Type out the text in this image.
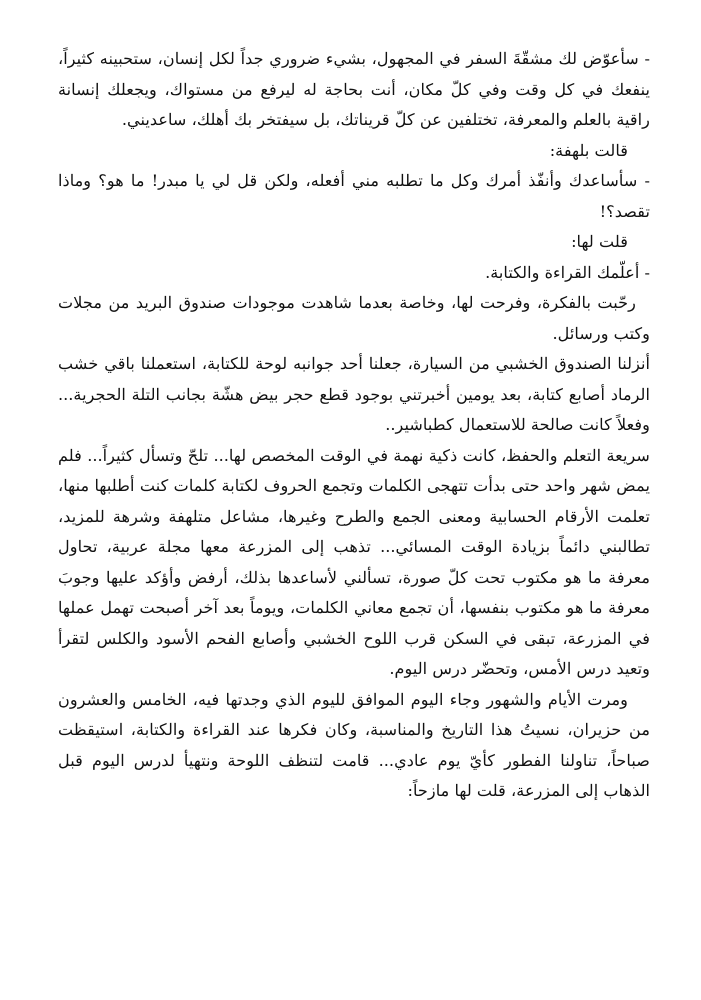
- سأعوّض لك مشقّةَ السفر في المجهول، بشيء ضروري جداً لكل إنسان، ستحبينه كثيراً، ينفعك في كل وقت وفي كلّ مكان، أنت بحاجة له ليرفع من مستواك، ويجعلك إنسانة راقية بالعلم والمعرفة، تختلفين عن كلّ قريناتك، بل سيفتخر بك أهلك، ساعديني.

قالت بلهفة:

- سأساعدك وأنفّذ أمرك وكل ما تطلبه مني أفعله، ولكن قل لي يا مبدر! ما هو؟ وماذا تقصد؟!

قلت لها:

- أعلّمك القراءة والكتابة.

رحّبت بالفكرة، وفرحت لها، وخاصة بعدما شاهدت موجودات صندوق البريد من مجلات وكتب ورسائل.

أنزلنا الصندوق الخشبي من السيارة، جعلنا أحد جوانبه لوحة للكتابة، استعملنا باقي خشب الرماد أصابع كتابة، بعد يومين أخبرتني بوجود قطع حجر بيض هشّة بجانب التلة الحجرية... وفعلاً كانت صالحة للاستعمال كطباشير..

سريعة التعلم والحفظ، كانت ذكية نهمة في الوقت المخصص لها... تلحّ وتسأل كثيراً... فلم يمض شهر واحد حتى بدأت تتهجى الكلمات وتجمع الحروف لكتابة كلمات كنت أطلبها منها، تعلمت الأرقام الحسابية ومعنى الجمع والطرح وغيرها، مشاعل متلهفة وشرهة للمزيد، تطالبني دائماً بزيادة الوقت المسائي... تذهب إلى المزرعة معها مجلة عربية، تحاول معرفة ما هو مكتوب تحت كلّ صورة، تسألني لأساعدها بذلك، أرفض وأؤكد عليها وجوبَ معرفة ما هو مكتوب بنفسها، أن تجمع معاني الكلمات، ويوماً بعد آخر أصبحت تهمل عملها في المزرعة، تبقى في السكن قرب اللوح الخشبي وأصابع الفحم الأسود والكلس لتقرأ وتعيد درس الأمس، وتحضّر درس اليوم.

ومرت الأيام والشهور وجاء اليوم الموافق لليوم الذي وجدتها فيه، الخامس والعشرون من حزيران، نسيتُ هذا التاريخ والمناسبة، وكان فكرها عند القراءة والكتابة، استيقظت صباحاً، تناولنا الفطور كأيّ يوم عادي... قامت لتنظف اللوحة ونتهيأ لدرس اليوم قبل الذهاب إلى المزرعة، قلت لها مازحاً:
